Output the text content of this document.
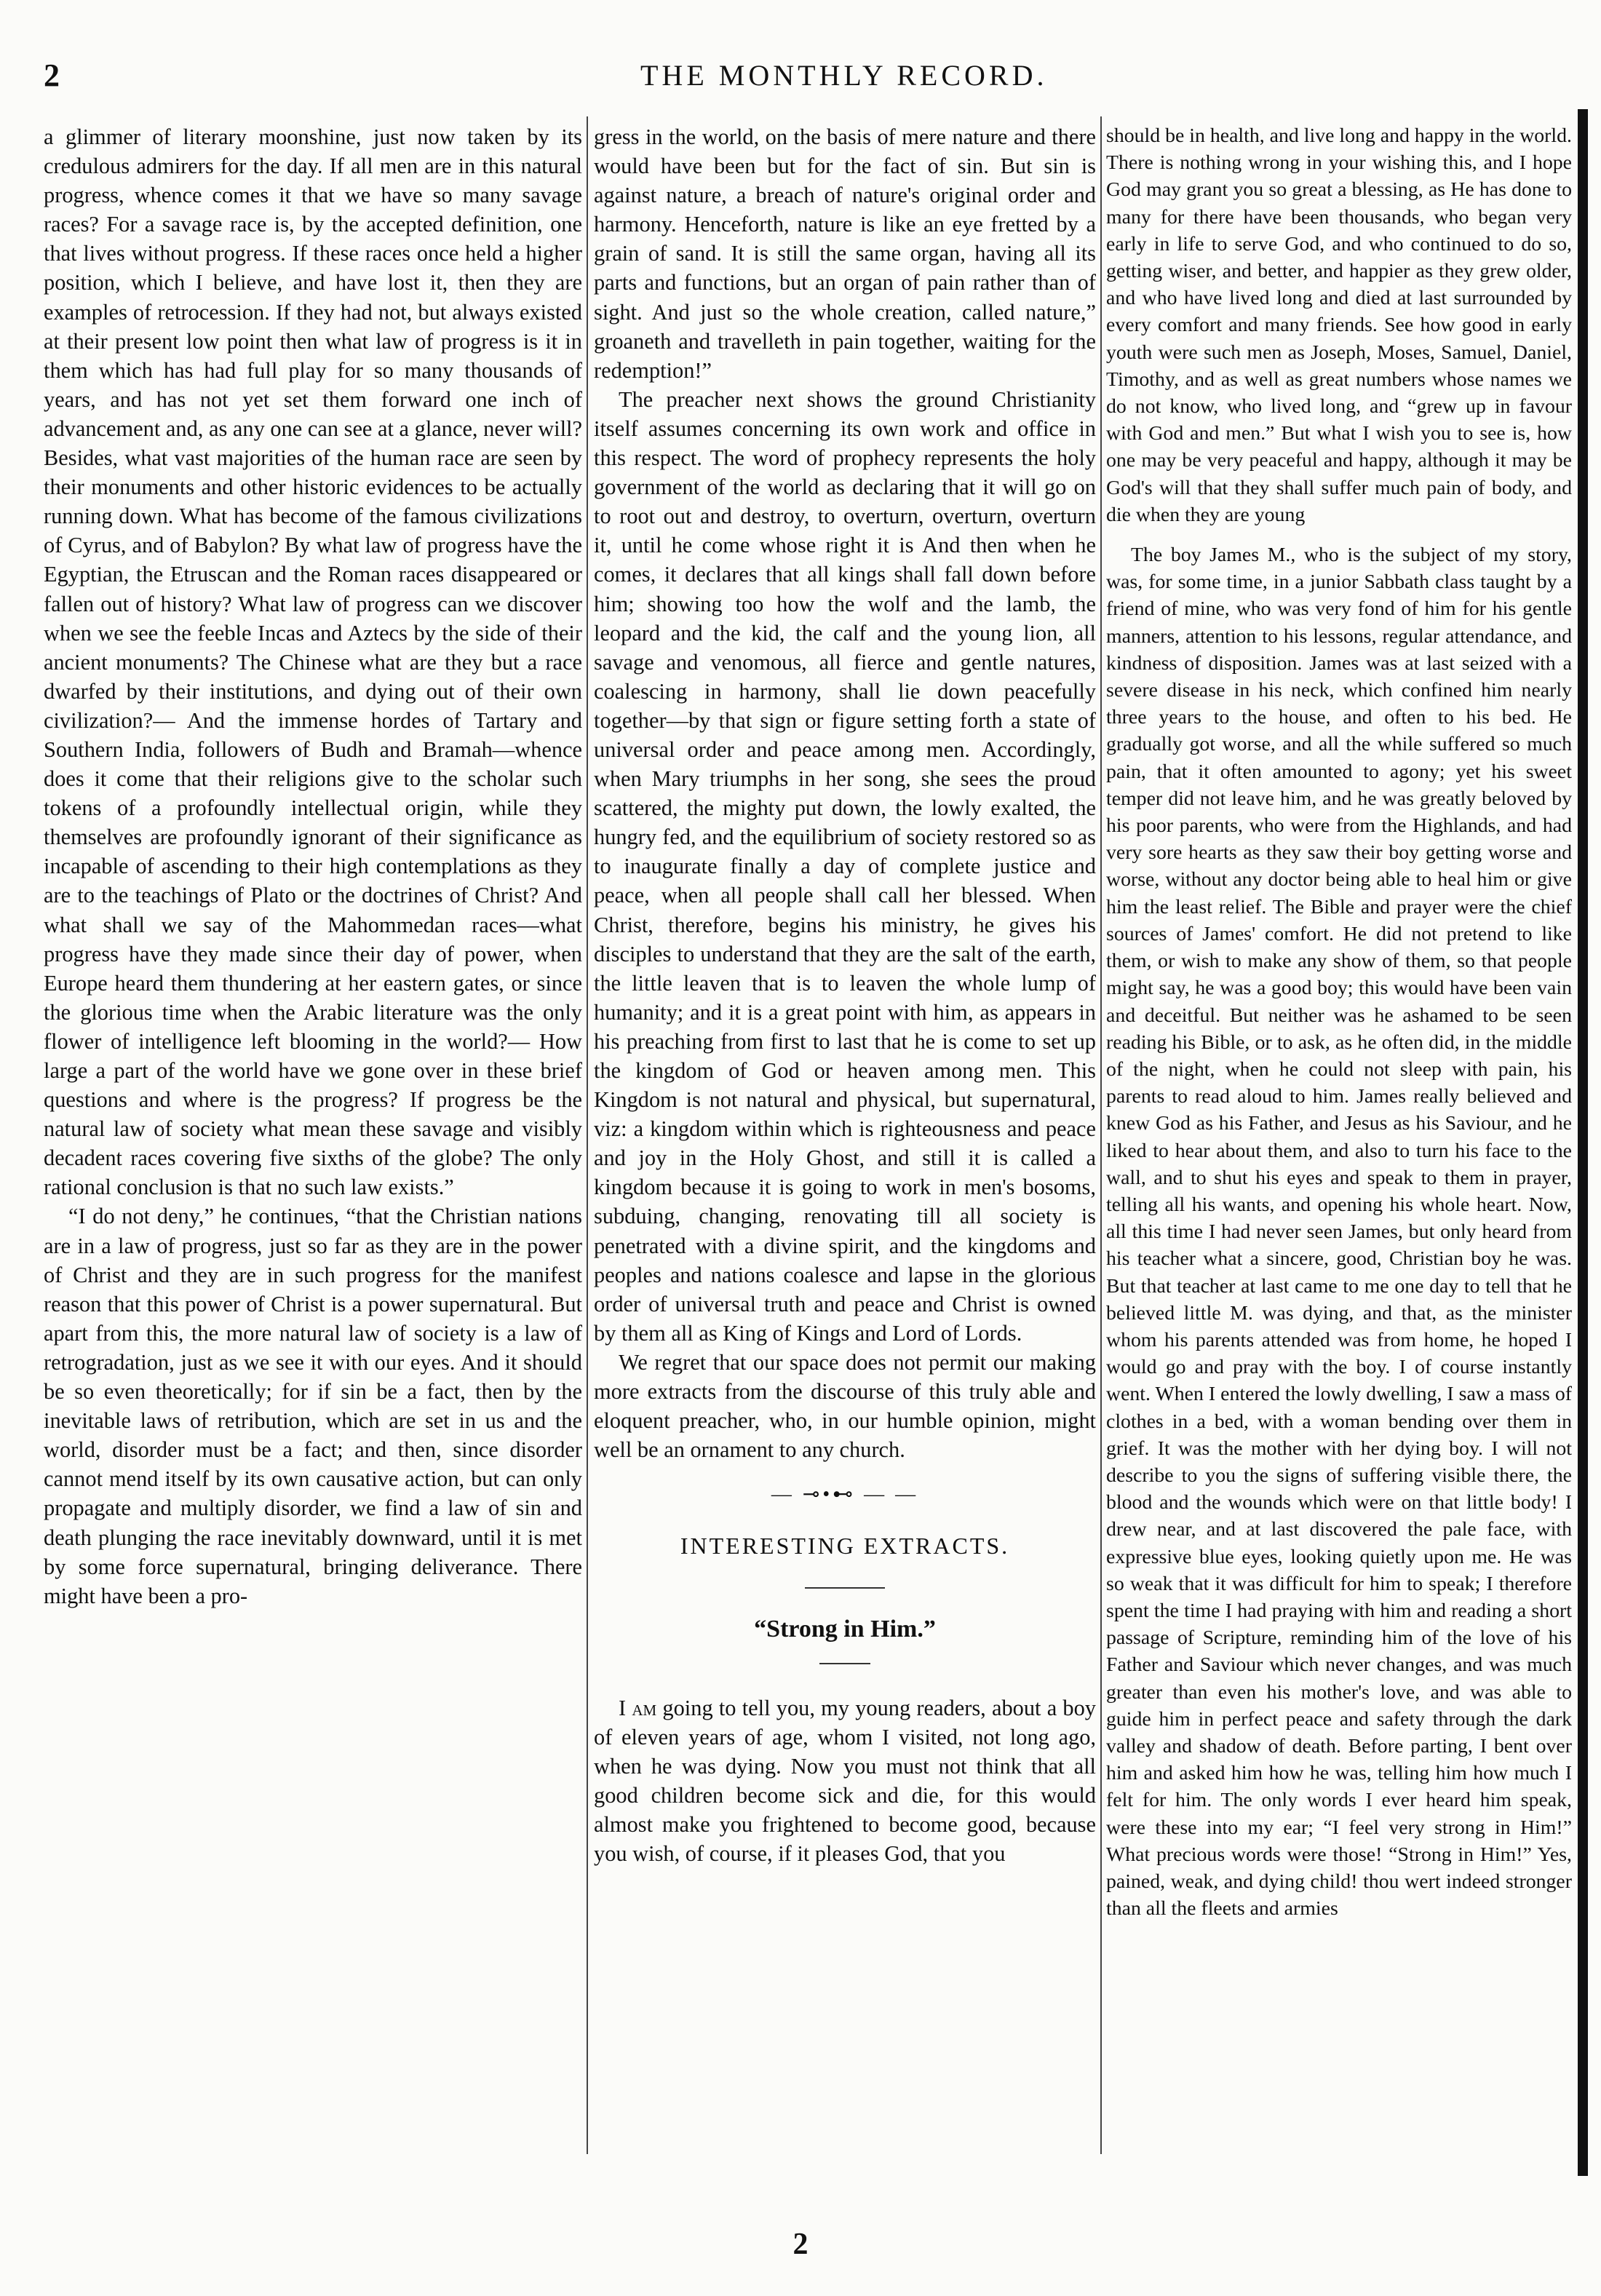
2	THE MONTHLY RECORD.

a glimmer of literary moonshine, just now taken by its credulous admirers for the day. If all men are in this natural progress, whence comes it that we have so many savage races? For a savage race is, by the accepted definition, one that lives without progress. If these races once held a higher position, which I believe, and have lost it, then they are examples of retrocession. If they had not, but always existed at their present low point then what law of progress is it in them which has had full play for so many thousands of years, and has not yet set them forward one inch of advancement and, as any one can see at a glance, never will? Besides, what vast majorities of the human race are seen by their monuments and other historic evidences to be actually running down. What has become of the famous civilizations of Cyrus, and of Babylon? By what law of progress have the Egyptian, the Etruscan and the Roman races disappeared or fallen out of history? What law of progress can we discover when we see the feeble Incas and Aztecs by the side of their ancient monuments? The Chinese what are they but a race dwarfed by their institutions, and dying out of their own civilization?— And the immense hordes of Tartary and Southern India, followers of Budh and Bramah—whence does it come that their religions give to the scholar such tokens of a profoundly intellectual origin, while they themselves are profoundly ignorant of their significance as incapable of ascending to their high contemplations as they are to the teachings of Plato or the doctrines of Christ? And what shall we say of the Mahommedan races—what progress have they made since their day of power, when Europe heard them thundering at her eastern gates, or since the glorious time when the Arabic literature was the only flower of intelligence left blooming in the world?— How large a part of the world have we gone over in these brief questions and where is the progress? If progress be the natural law of society what mean these savage and visibly decadent races covering five sixths of the globe? The only rational conclusion is that no such law exists.”

“I do not deny,” he continues, “that the Christian nations are in a law of progress, just so far as they are in the power of Christ and they are in such progress for the manifest reason that this power of Christ is a power supernatural. But apart from this, the more natural law of society is a law of retrogradation, just as we see it with our eyes. And it should be so even theoretically; for if sin be a fact, then by the inevitable laws of retribution, which are set in us and the world, disorder must be a fact; and then, since disorder cannot mend itself by its own causative action, but can only propagate and multiply disorder, we find a law of sin and death plunging the race inevitably downward, until it is met by some force supernatural, bringing deliverance. There might have been a pro-

gress in the world, on the basis of mere nature and there would have been but for the fact of sin. But sin is against nature, a breach of nature's original order and harmony. Henceforth, nature is like an eye fretted by a grain of sand. It is still the same organ, having all its parts and functions, but an organ of pain rather than of sight. And just so the whole creation, called nature,” groaneth and travelleth in pain together, waiting for the redemption!”

The preacher next shows the ground Christianity itself assumes concerning its own work and office in this respect. The word of prophecy represents the holy government of the world as declaring that it will go on to root out and destroy, to overturn, overturn, overturn it, until he come whose right it is And then when he comes, it declares that all kings shall fall down before him; showing too how the wolf and the lamb, the leopard and the kid, the calf and the young lion, all savage and venomous, all fierce and gentle natures, coalescing in harmony, shall lie down peacefully together—by that sign or figure setting forth a state of universal order and peace among men. Accordingly, when Mary triumphs in her song, she sees the proud scattered, the mighty put down, the lowly exalted, the hungry fed, and the equilibrium of society restored so as to inaugurate finally a day of complete justice and peace, when all people shall call her blessed. When Christ, therefore, begins his ministry, he gives his disciples to understand that they are the salt of the earth, the little leaven that is to leaven the whole lump of humanity; and it is a great point with him, as appears in his preaching from first to last that he is come to set up the kingdom of God or heaven among men. This Kingdom is not natural and physical, but supernatural, viz: a kingdom within which is righteousness and peace and joy in the Holy Ghost, and still it is called a kingdom because it is going to work in men's bosoms, subduing, changing, renovating till all society is penetrated with a divine spirit, and the kingdoms and peoples and nations coalesce and lapse in the glorious order of universal truth and peace and Christ is owned by them all as King of Kings and Lord of Lords.

We regret that our space does not permit our making more extracts from the discourse of this truly able and eloquent preacher, who, in our humble opinion, might well be an ornament to any church.

— ⊸•⊷ — —
INTERESTING EXTRACTS.
“Strong in Him.”

I am going to tell you, my young readers, about a boy of eleven years of age, whom I visited, not long ago, when he was dying. Now you must not think that all good children become sick and die, for this would almost make you frightened to become good, because you wish, of course, if it pleases God, that you

should be in health, and live long and happy in the world. There is nothing wrong in your wishing this, and I hope God may grant you so great a blessing, as He has done to many for there have been thousands, who began very early in life to serve God, and who continued to do so, getting wiser, and better, and happier as they grew older, and who have lived long and died at last surrounded by every comfort and many friends. See how good in early youth were such men as Joseph, Moses, Samuel, Daniel, Timothy, and as well as great numbers whose names we do not know, who lived long, and “grew up in favour with God and men.” But what I wish you to see is, how one may be very peaceful and happy, although it may be God's will that they shall suffer much pain of body, and die when they are young

The boy James M., who is the subject of my story, was, for some time, in a junior Sabbath class taught by a friend of mine, who was very fond of him for his gentle manners, attention to his lessons, regular attendance, and kindness of disposition. James was at last seized with a severe disease in his neck, which confined him nearly three years to the house, and often to his bed. He gradually got worse, and all the while suffered so much pain, that it often amounted to agony; yet his sweet temper did not leave him, and he was greatly beloved by his poor parents, who were from the Highlands, and had very sore hearts as they saw their boy getting worse and worse, without any doctor being able to heal him or give him the least relief. The Bible and prayer were the chief sources of James' comfort. He did not pretend to like them, or wish to make any show of them, so that people might say, he was a good boy; this would have been vain and deceitful. But neither was he ashamed to be seen reading his Bible, or to ask, as he often did, in the middle of the night, when he could not sleep with pain, his parents to read aloud to him. James really believed and knew God as his Father, and Jesus as his Saviour, and he liked to hear about them, and also to turn his face to the wall, and to shut his eyes and speak to them in prayer, telling all his wants, and opening his whole heart. Now, all this time I had never seen James, but only heard from his teacher what a sincere, good, Christian boy he was. But that teacher at last came to me one day to tell that he believed little M. was dying, and that, as the minister whom his parents attended was from home, he hoped I would go and pray with the boy. I of course instantly went. When I entered the lowly dwelling, I saw a mass of clothes in a bed, with a woman bending over them in grief. It was the mother with her dying boy. I will not describe to you the signs of suffering visible there, the blood and the wounds which were on that little body! I drew near, and at last discovered the pale face, with expressive blue eyes, looking quietly upon me. He was so weak that it was difficult for him to speak; I therefore spent the time I had praying with him and reading a short passage of Scripture, reminding him of the love of his Father and Saviour which never changes, and was much greater than even his mother's love, and was able to guide him in perfect peace and safety through the dark valley and shadow of death. Before parting, I bent over him and asked him how he was, telling him how much I felt for him. The only words I ever heard him speak, were these into my ear; “I feel very strong in Him!” What precious words were those! “Strong in Him!” Yes, pained, weak, and dying child! thou wert indeed stronger than all the fleets and armies

2
